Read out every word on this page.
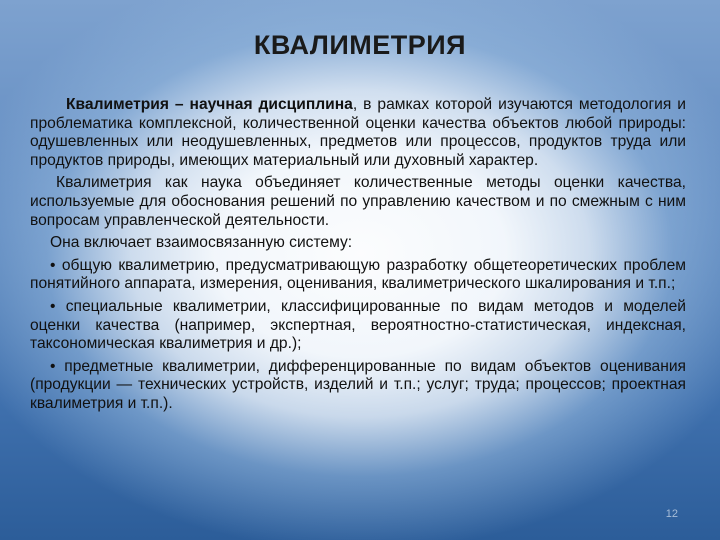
КВАЛИМЕТРИЯ

Квалиметрия – научная дисциплина, в рамках которой изучаются методология и проблематика комплексной, количественной оценки качества объектов любой природы: одушевленных или неодушевленных, предметов или процессов, продуктов труда или продуктов природы, имеющих материальный или духовный характер.

Квалиметрия как наука объединяет количественные методы оценки качества, используемые для обоснования решений по управлению качеством и по смежным с ним вопросам управленческой деятельности.

Она включает взаимосвязанную систему:

• общую квалиметрию, предусматривающую разработку общетеоретических проблем понятийного аппарата, измерения, оценивания, квалиметрического шкалирования и т.п.;

• специальные квалиметрии, классифицированные по видам методов и моделей оценки качества (например, экспертная, вероятностно-статистическая, индексная, таксономическая квалиметрия и др.);

• предметные квалиметрии, дифференцированные по видам объектов оценивания (продукции — технических устройств, изделий и т.п.; услуг; труда; процессов; проектная квалиметрия и т.п.).

12
